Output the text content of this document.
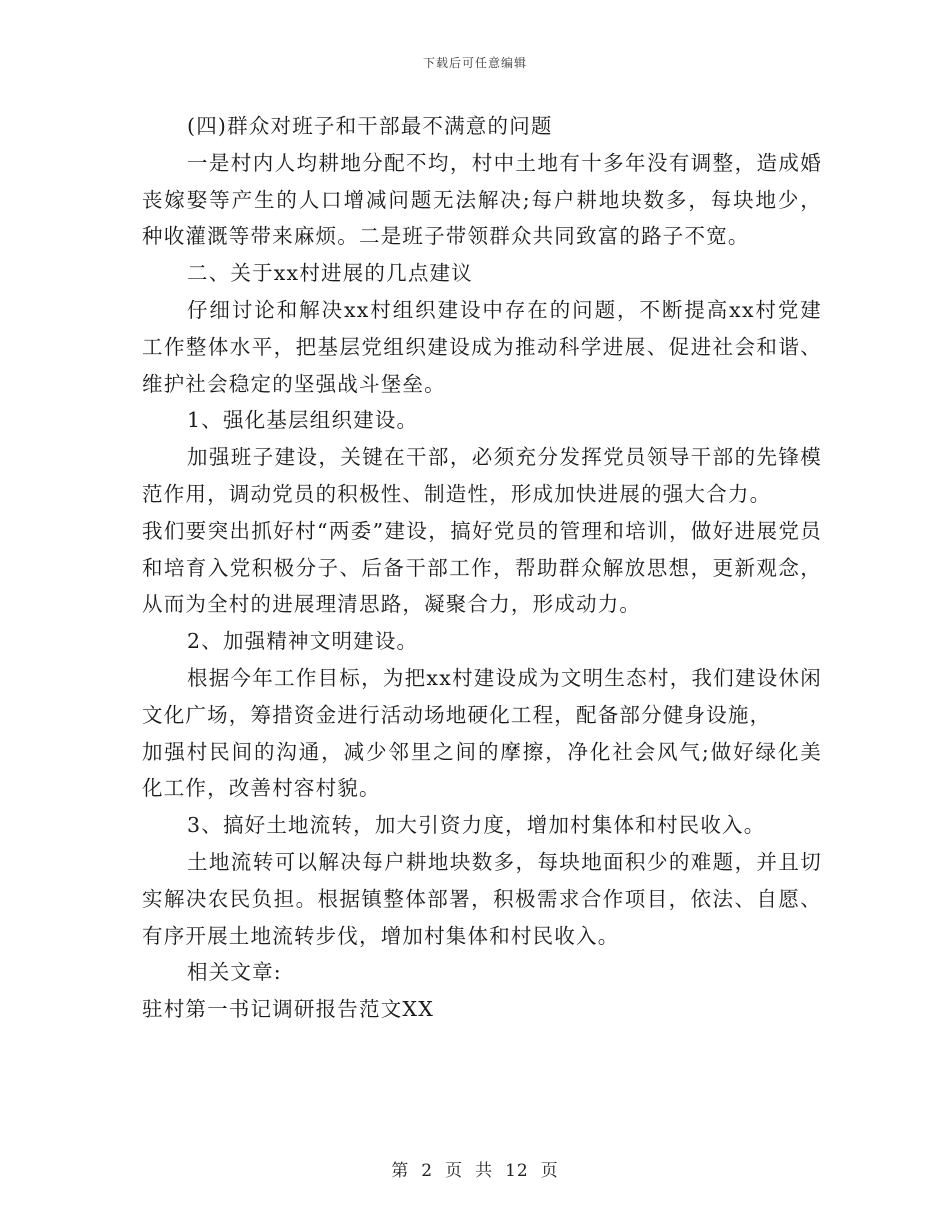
下载后可任意编辑

(四)群众对班子和干部最不满意的问题

一是村内人均耕地分配不均，村中土地有十多年没有调整，造成婚丧嫁娶等产生的人口增减问题无法解决;每户耕地块数多，每块地少，种收灌溉等带来麻烦。二是班子带领群众共同致富的路子不宽。

二、关于xx村进展的几点建议

仔细讨论和解决xx村组织建设中存在的问题，不断提高xx村党建工作整体水平，把基层党组织建设成为推动科学进展、促进社会和谐、维护社会稳定的坚强战斗堡垒。

1、强化基层组织建设。

加强班子建设，关键在干部，必须充分发挥党员领导干部的先锋模范作用，调动党员的积极性、制造性，形成加快进展的强大合力。

我们要突出抓好村“两委”建设，搞好党员的管理和培训，做好进展党员和培育入党积极分子、后备干部工作，帮助群众解放思想，更新观念，从而为全村的进展理清思路，凝聚合力，形成动力。

2、加强精神文明建设。

根据今年工作目标，为把xx村建设成为文明生态村，我们建设休闲文化广场，筹措资金进行活动场地硬化工程，配备部分健身设施，

加强村民间的沟通，减少邻里之间的摩擦，净化社会风气;做好绿化美化工作，改善村容村貌。

3、搞好土地流转，加大引资力度，增加村集体和村民收入。

土地流转可以解决每户耕地块数多，每块地面积少的难题，并且切实解决农民负担。根据镇整体部署，积极需求合作项目，依法、自愿、有序开展土地流转步伐，增加村集体和村民收入。

相关文章:

驻村第一书记调研报告范文XX

第 2 页 共 12 页
